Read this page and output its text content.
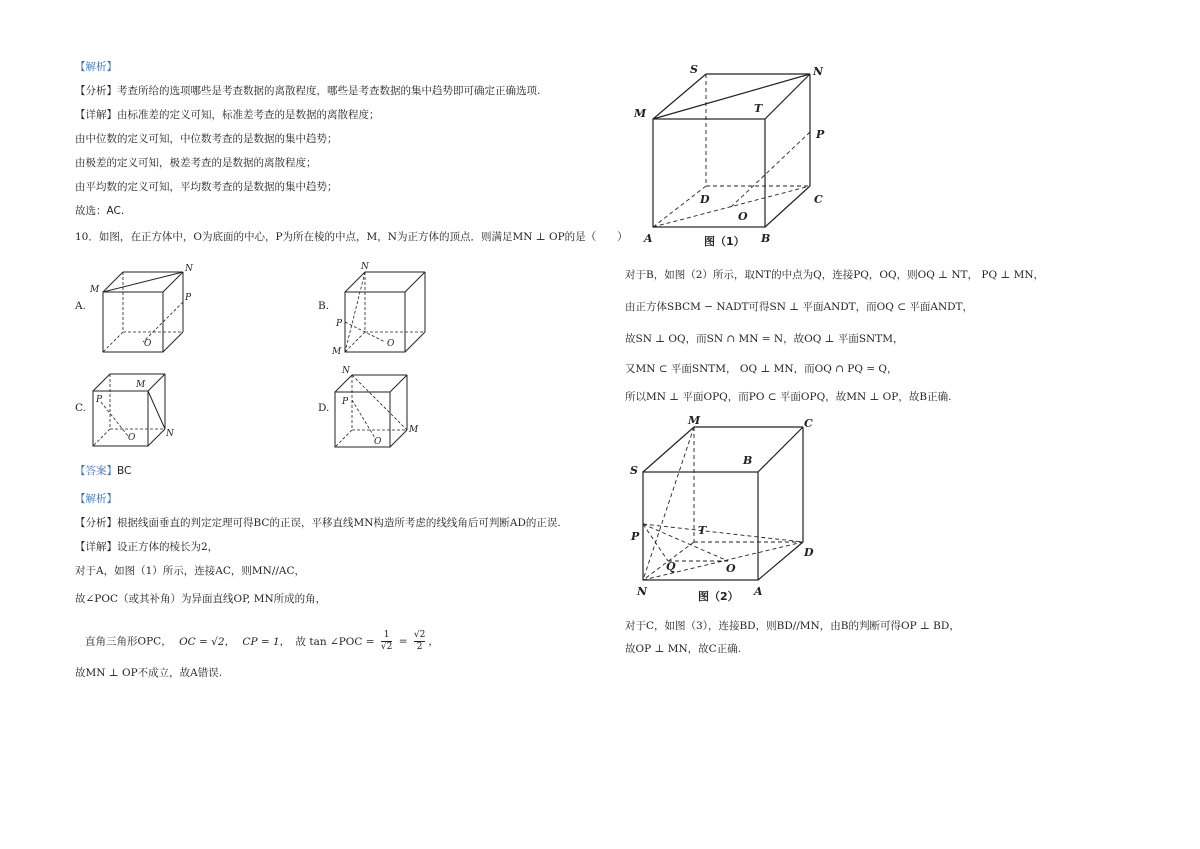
【解析】
【分析】考查所给的选项哪些是考查数据的离散程度，哪些是考查数据的集中趋势即可确定正确选项.
【详解】由标准差的定义可知，标准差考查的是数据的离散程度；
由中位数的定义可知，中位数考查的是数据的集中趋势；
由极差的定义可知，极差考查的是数据的离散程度；
由平均数的定义可知，平均数考查的是数据的集中趋势；
故选：AC.
10．如图，在正方体中，O为底面的中心，P为所在棱的中点，M，N为正方体的顶点．则满足MN ⊥ OP的是（　　）
A.	B.
C.	D.
M
N
P
O
M
N
P
O
M
N
P
O
N
M
P
O
【答案】BC
【解析】
【分析】根据线面垂直的判定定理可得BC的正误，平移直线MN构造所考虑的线线角后可判断AD的正误.
【详解】设正方体的棱长为2，
对于A，如图（1）所示，连接AC，则MN//AC，
故∠POC（或其补角）为异面直线OP, MN所成的角，
直角三角形OPC， OC = √2， CP = 1， 故 tan ∠POC = $\frac{1}{√2} = \frac{√2}{2}$ ，
故MN ⊥ OP不成立，故A错误.
S	N
M	T
P
D	C
O
A	B
图（1）
对于B，如图（2）所示，取NT的中点为Q，连接PQ，OQ，则OQ ⊥ NT， PQ ⊥ MN，
由正方体SBCM − NADT可得SN ⊥ 平面ANDT，而OQ ⊂ 平面ANDT，
故SN ⊥ OQ，而SN ∩ MN = N，故OQ ⊥ 平面SNTM，
又MN ⊂ 平面SNTM， OQ ⊥ MN，而OQ ∩ PQ = Q，
所以MN ⊥ 平面OPQ，而PO ⊂ 平面OPQ，故MN ⊥ OP，故B正确.
M	C
S
B
T
P
D
Q	O
N	A
图（2）
对于C，如图（3），连接BD，则BD//MN，由B的判断可得OP ⊥ BD，
故OP ⊥ MN，故C正确.
